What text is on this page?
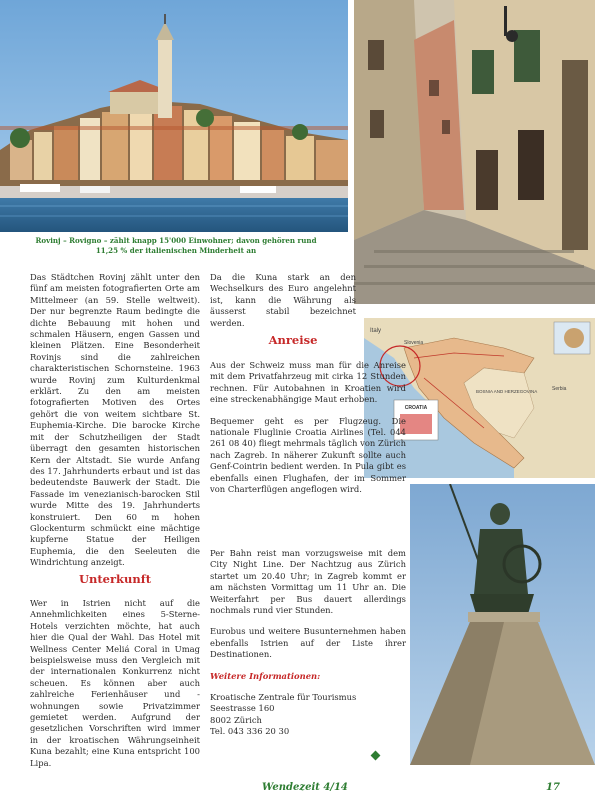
Rovinj – Rovigno – zählt knapp 15'000 Einwohner; davon gehören rund
11,25 % der italienischen Minderheit an
CROATIA
Italy
Slovenia
BOSNIA AND HERZEGOVINA	Serbia

Das Städtchen Rovinj zählt unter den fünf am meisten fotografierten Orte am Mittelmeer (an 59. Stelle weltweit). Der nur begrenzte Raum bedingte die dichte Bebauung mit hohen und schmalen Häusern, engen Gassen und kleinen Plätzen. Eine Besonderheit Rovinjs sind die zahlreichen charakteristischen Schornsteine. 1963 wurde Rovinj zum Kulturdenkmal erklärt. Zu den am meisten fotografierten Motiven des Ortes gehört die von weitem sichtbare St. Euphemia-Kirche. Die barocke Kirche mit der Schutzheiligen der Stadt überragt den gesamten historischen Kern der Altstadt. Sie wurde Anfang des 17. Jahrhunderts erbaut und ist das bedeutendste Bauwerk der Stadt. Die Fassade im venezianisch-barocken Stil wurde Mitte des 19. Jahrhunderts konstruiert. Den 60 m hohen Glockenturm schmückt eine mächtige kupferne Statue der Heiligen Euphemia, die den Seeleuten die Windrichtung anzeigt.

Unterkunft

Wer in Istrien nicht auf die Annehmlichkeiten eines 5-Sterne-Hotels verzichten möchte, hat auch hier die Qual der Wahl. Das Hotel mit Wellness Center Meliá Coral in Umag beispielsweise muss den Vergleich mit der internationalen Konkurrenz nicht scheuen. Es können aber auch zahlreiche Ferienhäuser und -wohnungen sowie Privatzimmer gemietet werden. Aufgrund der gesetzlichen Vorschriften wird immer in der kroatischen Währungseinheit Kuna bezahlt; eine Kuna entspricht 100 Lipa.

Da die Kuna stark an den Wechselkurs des Euro angelehnt ist, kann die Währung als äusserst stabil bezeichnet werden.

Anreise

Aus der Schweiz muss man für die Anreise mit dem Privatfahrzeug mit cirka 12 Stunden rechnen. Für Autobahnen in Kroatien wird eine streckenabhängige Maut erhoben.

Bequemer geht es per Flugzeug. Die nationale Fluglinie Croatia Airlines (Tel. 044 261 08 40) fliegt mehrmals täglich von Zürich nach Zagreb. In näherer Zukunft sollte auch Genf-Cointrin bedient werden. In Pula gibt es ebenfalls einen Flughafen, der im Sommer von Charterflügen angeflogen wird.

Per Bahn reist man vorzugsweise mit dem City Night Line. Der Nachtzug aus Zürich startet um 20.40 Uhr; in Zagreb kommt er am nächsten Vormittag um 11 Uhr an. Die Weiterfahrt per Bus dauert allerdings nochmals rund vier Stunden.

Eurobus und weitere Busunternehmen haben ebenfalls Istrien auf der Liste ihrer Destinationen.

Weitere Informationen:
Kroatische Zentrale für Tourismus
Seestrasse 160
8002 Zürich
Tel. 043 336 20 30
Wendezeit 4/14	17
